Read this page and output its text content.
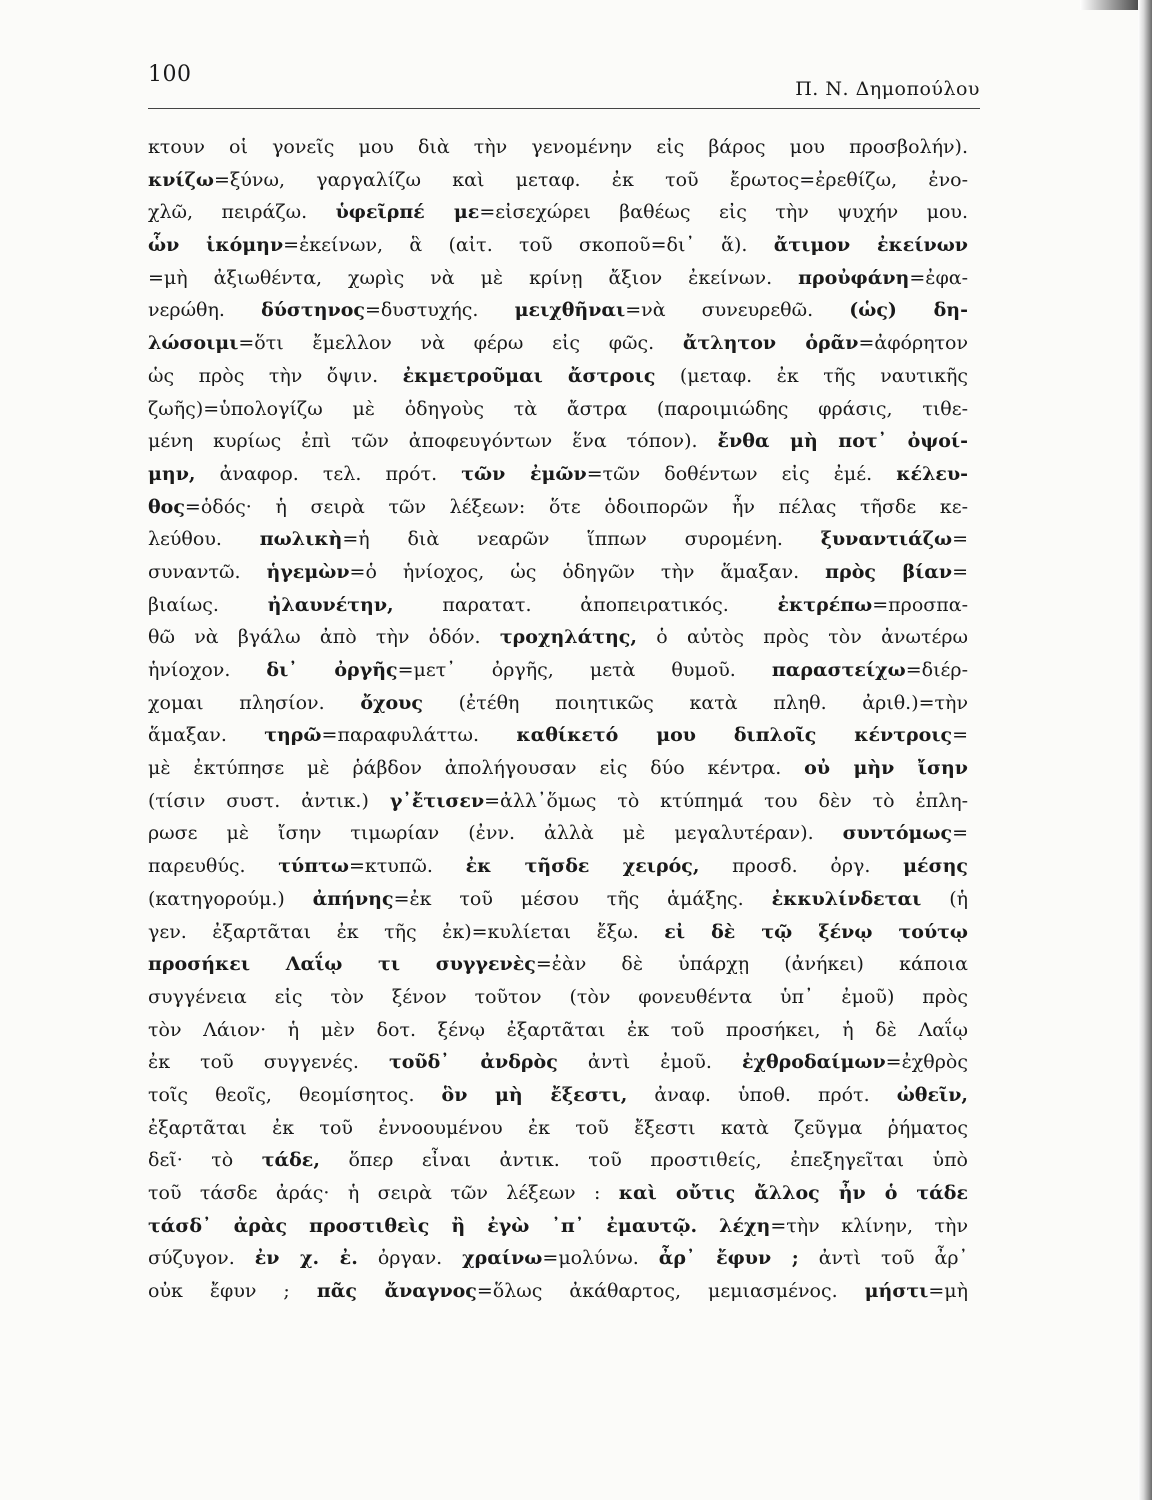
100
Π. Ν. Δημοπούλου
κτουν οἱ γονεῖς μου διὰ τὴν γενομένην εἰς βάρος μου προσβολήν).
κνίζω=ξύνω, γαργαλίζω καὶ μεταφ. ἐκ τοῦ ἔρωτος=ἐρεθίζω, ἐνο-
χλῶ, πειράζω. ὑφεῖρπέ με=εἰσεχώρει βαθέως εἰς τὴν ψυχήν μου.
ὧν ἱκόμην=ἐκείνων, ἃ (αἰτ. τοῦ σκοποῦ=δι᾽ ἅ). ἄτιμον ἐκείνων
=μὴ ἀξιωθέντα, χωρὶς νὰ μὲ κρίνῃ ἄξιον ἐκείνων. προὐφάνη=ἐφα-
νερώθη. δύστηνος=δυστυχής. μειχθῆναι=νὰ συνευρεθῶ. (ὡς) δη-
λώσοιμι=ὅτι ἔμελλον νὰ φέρω εἰς φῶς. ἄτλητον ὁρᾶν=ἀφόρητον
ὡς πρὸς τὴν ὄψιν. ἐκμετροῦμαι ἄστροις (μεταφ. ἐκ τῆς ναυτικῆς
ζωῆς)=ὑπολογίζω μὲ ὁδηγοὺς τὰ ἄστρα (παροιμιώδης φράσις, τιθε-
μένη κυρίως ἐπὶ τῶν ἀποφευγόντων ἕνα τόπον). ἔνθα μὴ ποτ᾽ ὀψοί-
μην, ἀναφορ. τελ. πρότ. τῶν ἐμῶν=τῶν δοθέντων εἰς ἐμέ. κέλευ-
θος=ὁδός· ἡ σειρὰ τῶν λέξεων: ὅτε ὁδοιπορῶν ἦν πέλας τῆσδε κε-
λεύθου. πωλικὴ=ἡ διὰ νεαρῶν ἵππων συρομένη. ξυναντιάζω=
συναντῶ. ἡγεμὼν=ὁ ἡνίοχος, ὡς ὁδηγῶν τὴν ἅμαξαν. πρὸς βίαν=
βιαίως. ἠλαυνέτην, παρατατ. ἀποπειρατικός. ἐκτρέπω=προσπα-
θῶ νὰ βγάλω ἀπὸ τὴν ὁδόν. τροχηλάτης, ὁ αὐτὸς πρὸς τὸν ἀνωτέρω
ἡνίοχον. δι᾽ ὀργῆς=μετ᾽ ὀργῆς, μετὰ θυμοῦ. παραστείχω=διέρ-
χομαι πλησίον. ὄχους (ἐτέθη ποιητικῶς κατὰ πληθ. ἀριθ.)=τὴν
ἅμαξαν. τηρῶ=παραφυλάττω. καθίκετό μου διπλοῖς κέντροις=
μὲ ἐκτύπησε μὲ ῥάβδον ἀπολήγουσαν εἰς δύο κέντρα. οὐ μὴν ἴσην
(τίσιν συστ. ἀντικ.) γ᾽ἔτισεν=ἀλλ᾽ὅμως τὸ κτύπημά του δὲν τὸ ἐπλη-
ρωσε μὲ ἴσην τιμωρίαν (ἐνν. ἀλλὰ μὲ μεγαλυτέραν). συντόμως=
παρευθύς. τύπτω=κτυπῶ. ἐκ τῆσδε χειρός, προσδ. ὀργ. μέσης
(κατηγορούμ.) ἀπήνης=ἐκ τοῦ μέσου τῆς ἁμάξης. ἐκκυλίνδεται (ἡ
γεν. ἐξαρτᾶται ἐκ τῆς ἐκ)=κυλίεται ἔξω. εἰ δὲ τῷ ξένῳ τούτῳ
προσήκει Λαΐῳ τι συγγενὲς=ἐὰν δὲ ὑπάρχῃ (ἀνήκει) κάποια
συγγένεια εἰς τὸν ξένον τοῦτον (τὸν φονευθέντα ὑπ᾽ ἐμοῦ) πρὸς
τὸν Λάιον· ἡ μὲν δοτ. ξένῳ ἐξαρτᾶται ἐκ τοῦ προσήκει, ἡ δὲ Λαΐῳ
ἐκ τοῦ συγγενές. τοῦδ᾽ ἀνδρὸς ἀντὶ ἐμοῦ. ἐχθροδαίμων=ἐχθρὸς
τοῖς θεοῖς, θεομίσητος. ὃν μὴ ἔξεστι, ἀναφ. ὑποθ. πρότ. ὠθεῖν,
ἐξαρτᾶται ἐκ τοῦ ἐννοουμένου ἐκ τοῦ ἔξεστι κατὰ ζεῦγμα ῥήματος
δεῖ· τὸ τάδε, ὅπερ εἶναι ἀντικ. τοῦ προστιθείς, ἐπεξηγεῖται ὑπὸ
τοῦ τάσδε ἀράς· ἡ σειρὰ τῶν λέξεων : καὶ οὔτις ἄλλος ἦν ὁ τάδε
τάσδ᾽ ἀρὰς προστιθεὶς ἢ ἐγὼ ᾽π᾽ ἐμαυτῷ. λέχη=τὴν κλίνην, τὴν
σύζυγον. ἐν χ. ἐ. ὀργαν. χραίνω=μολύνω. ἆρ᾽ ἔφυν ; ἀντὶ τοῦ ἆρ᾽
οὐκ ἔφυν ; πᾶς ἄναγνος=ὅλως ἀκάθαρτος, μεμιασμένος. μήστι=μὴ
